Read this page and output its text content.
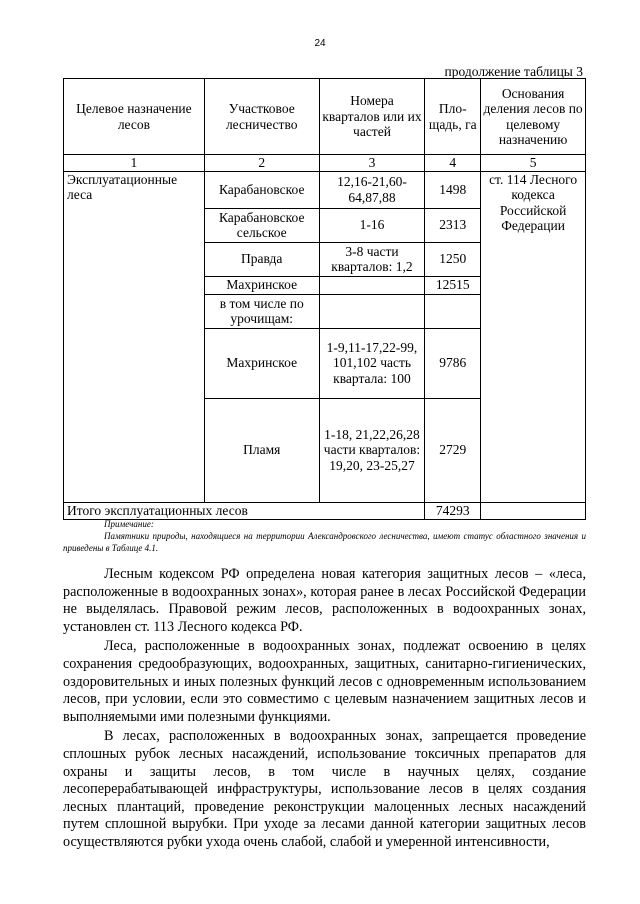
24
продолжение таблицы 3
Целевое назначение лесов	Участковое лесничество	Номера кварталов или их частей	Пло-щадь, га	Основания деления лесов по целевому назначению
1	2	3	4	5
Эксплуатационные леса	Карабановское	12,16-21,60-64,87,88	1498	ст. 114 Лесного кодекса Российской Федерации
	Карабановское сельское	1-16	2313	
	Правда	3-8 части кварталов: 1,2	1250	
	Махринское		12515	
	в том числе по урочищам:			
	Махринское	1-9,11-17,22-99, 101,102 часть квартала: 100	9786	
	Пламя	1-18, 21,22,26,28 части кварталов: 19,20, 23-25,27	2729	
Итого эксплуатационных лесов			74293	
Примечание:
Памятники природы, находящиеся на территории Александровского лесничества, имеют статус областного значения и приведены в Таблице 4.1.

Лесным кодексом РФ определена новая категория защитных лесов – «леса, расположенные в водоохранных зонах», которая ранее в лесах Российской Федерации не выделялась. Правовой режим лесов, расположенных в водоохранных зонах, установлен ст. 113 Лесного кодекса РФ.

Леса, расположенные в водоохранных зонах, подлежат освоению в целях сохранения средообразующих, водоохранных, защитных, санитарно-гигиенических, оздоровительных и иных полезных функций лесов с одновременным использованием лесов, при условии, если это совместимо с целевым назначением защитных лесов и выполняемыми ими полезными функциями.

В лесах, расположенных в водоохранных зонах, запрещается проведение сплошных рубок лесных насаждений, использование токсичных препаратов для охраны и защиты лесов, в том числе в научных целях, создание лесоперерабатывающей инфраструктуры, использование лесов в целях создания лесных плантаций, проведение реконструкции малоценных лесных насаждений путем сплошной вырубки. При уходе за лесами данной категории защитных лесов осуществляются рубки ухода очень слабой, слабой и умеренной интенсивности,
